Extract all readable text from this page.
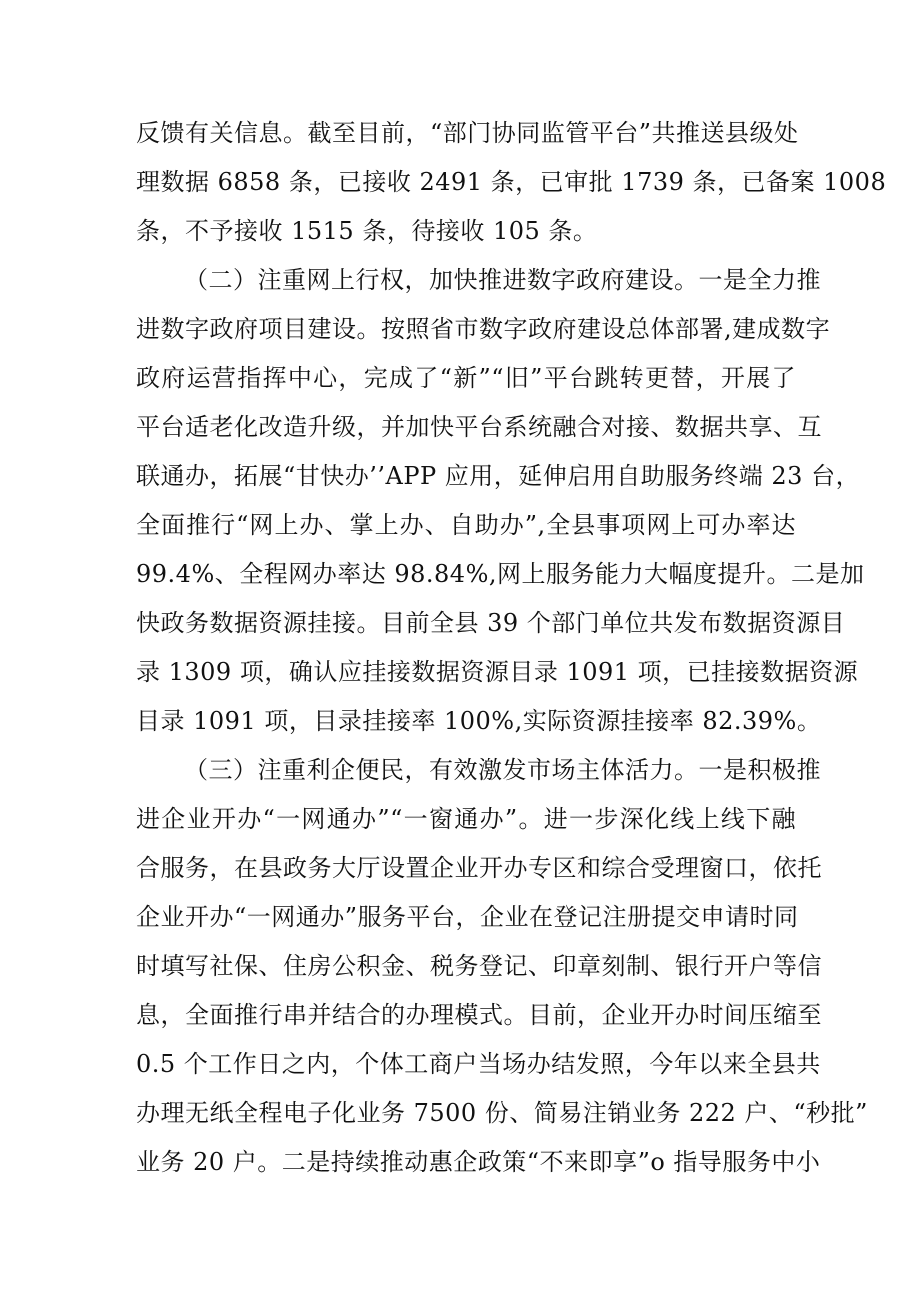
反馈有关信息。截至目前，“部门协同监管平台”共推送县级处
理数据 6858 条，已接收 2491 条，已审批 1739 条，已备案 1008
条，不予接收 1515 条，待接收 105 条。
（二）注重网上行权，加快推进数字政府建设。一是全力推
进数字政府项目建设。按照省市数字政府建设总体部署,建成数字
政府运营指挥中心，完成了“新”“旧”平台跳转更替，开展了
平台适老化改造升级，并加快平台系统融合对接、数据共享、互
联通办，拓展“甘快办’’APP 应用，延伸启用自助服务终端 23 台，
全面推行“网上办、掌上办、自助办”,全县事项网上可办率达
99.4%、全程网办率达 98.84%,网上服务能力大幅度提升。二是加
快政务数据资源挂接。目前全县 39 个部门单位共发布数据资源目
录 1309 项，确认应挂接数据资源目录 1091 项，已挂接数据资源
目录 1091 项，目录挂接率 100%,实际资源挂接率 82.39%。
（三）注重利企便民，有效激发市场主体活力。一是积极推
进企业开办“一网通办”“一窗通办”。进一步深化线上线下融
合服务，在县政务大厅设置企业开办专区和综合受理窗口，依托
企业开办“一网通办”服务平台，企业在登记注册提交申请时同
时填写社保、住房公积金、税务登记、印章刻制、银行开户等信
息，全面推行串并结合的办理模式。目前，企业开办时间压缩至
0.5 个工作日之内，个体工商户当场办结发照，今年以来全县共
办理无纸全程电子化业务 7500 份、简易注销业务 222 户、“秒批”
业务 20 户。二是持续推动惠企政策“不来即享”o 指导服务中小
